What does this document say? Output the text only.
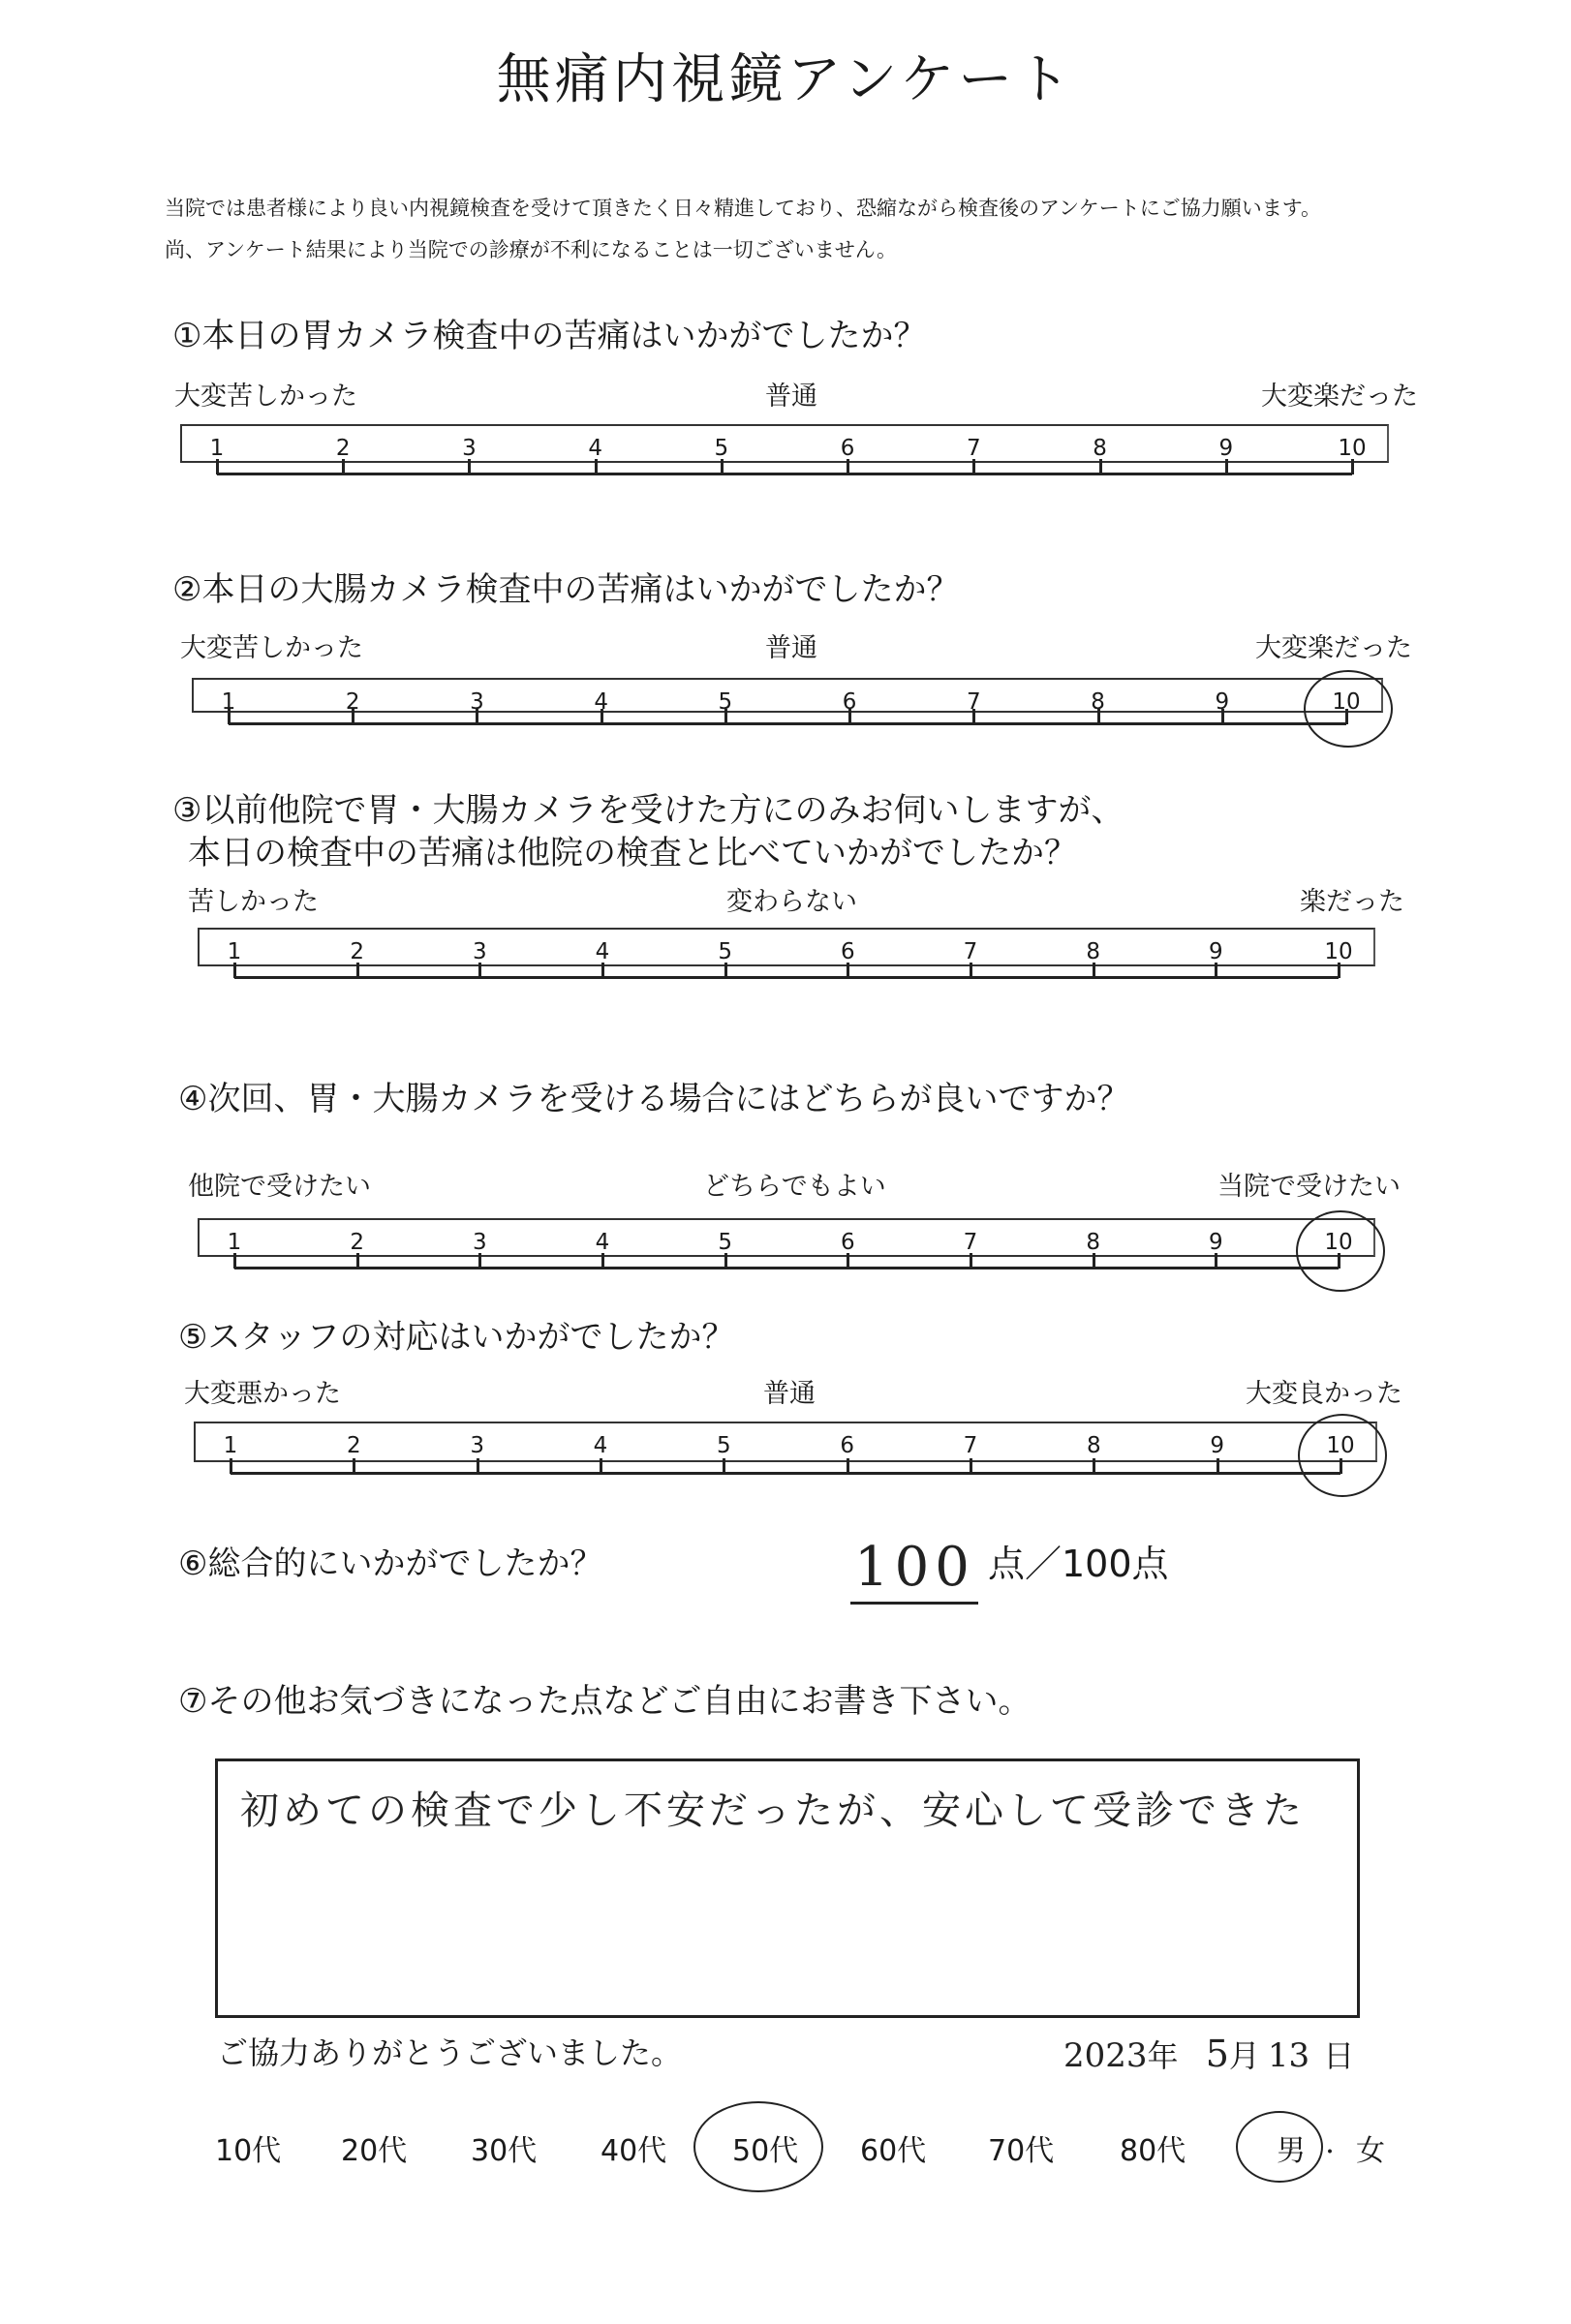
無痛内視鏡アンケート
当院では患者様により良い内視鏡検査を受けて頂きたく日々精進しており、恐縮ながら検査後のアンケートにご協力願います。
尚、アンケート結果により当院での診療が不利になることは一切ございません。
①本日の胃カメラ検査中の苦痛はいかがでしたか？
大変苦しかった	普通	大変楽だった
②本日の大腸カメラ検査中の苦痛はいかがでしたか？
大変苦しかった	普通	大変楽だった
③以前他院で胃・大腸カメラを受けた方にのみお伺いしますが、
本日の検査中の苦痛は他院の検査と比べていかがでしたか？
苦しかった	変わらない	楽だった
④次回、胃・大腸カメラを受ける場合にはどちらが良いですか？
他院で受けたい	どちらでもよい	当院で受けたい
⑤スタッフの対応はいかがでしたか？
大変悪かった	普通	大変良かった
⑥総合的にいかがでしたか？	100 点／100点
⑦その他お気づきになった点などご自由にお書き下さい。
初めての検査で少し不安だったが、安心して受診できた
ご協力ありがとうございました。	2023年 5月 13 日
10代 20代 30代 40代 50代 60代 70代 80代	男 ・ 女
1	2	3	4	5	6	7	8	9	10
1	2	3	4	5	6	7	8	9	10
1	2	3	4	5	6	7	8	9	10
1	2	3	4	5	6	7	8	9	10
1	2	3	4	5	6	7	8	9	10
